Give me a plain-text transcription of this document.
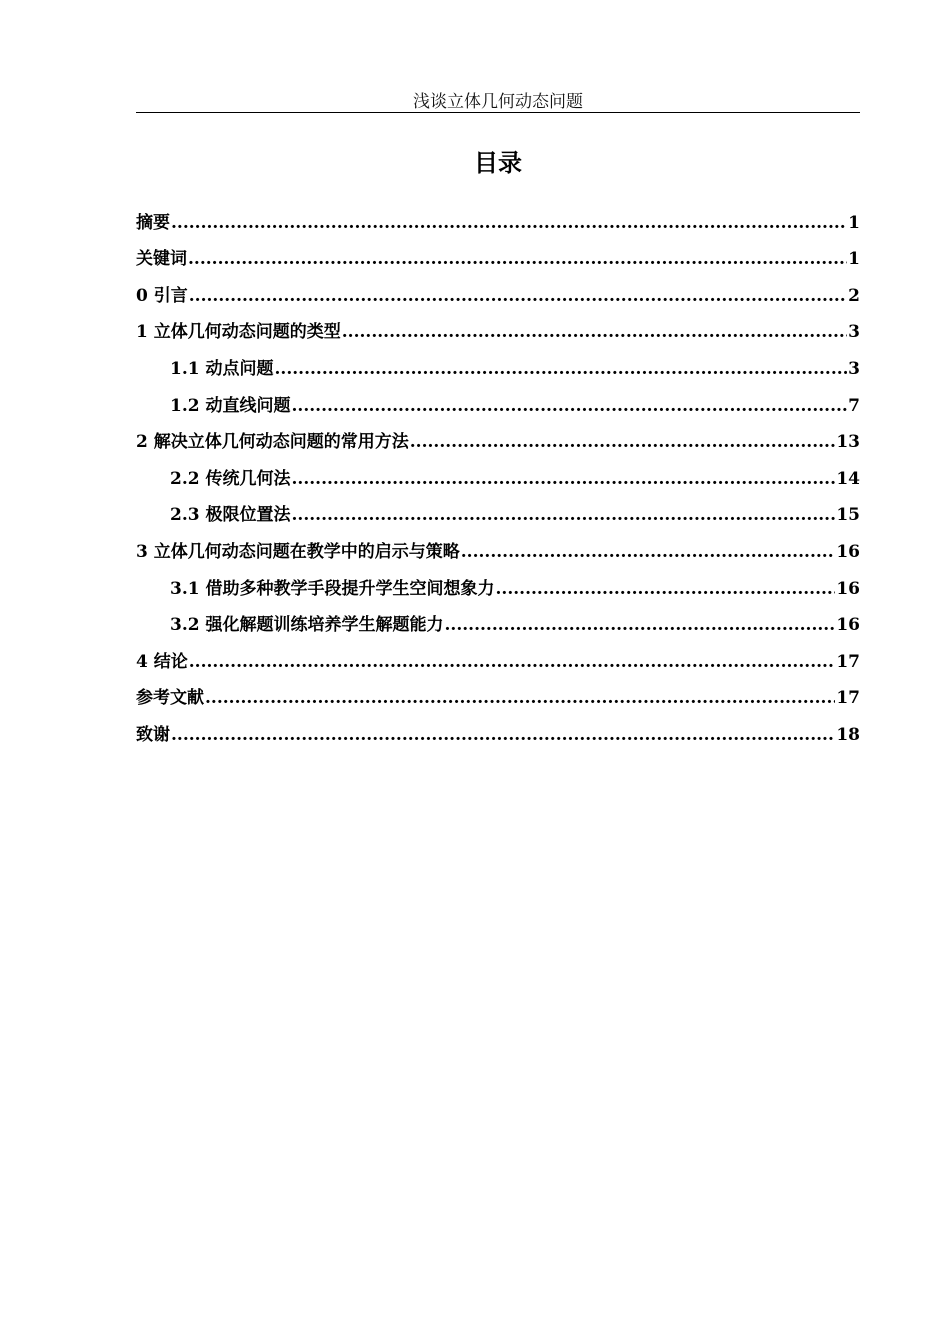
浅谈立体几何动态问题
目录
摘要 .....	1
关键词 .....	1
0 引言 .....	2
1 立体几何动态问题的类型 .....	3
1.1 动点问题 .....	3
1.2 动直线问题 .....	7
2 解决立体几何动态问题的常用方法 .....	13
2.2 传统几何法 .....	14
2.3 极限位置法 .....	15
3 立体几何动态问题在教学中的启示与策略 .....	16
3.1 借助多种教学手段提升学生空间想象力 .....	16
3.2 强化解题训练培养学生解题能力 .....	16
4 结论 .....	17
参考文献 .....	17
致谢 .....	18
